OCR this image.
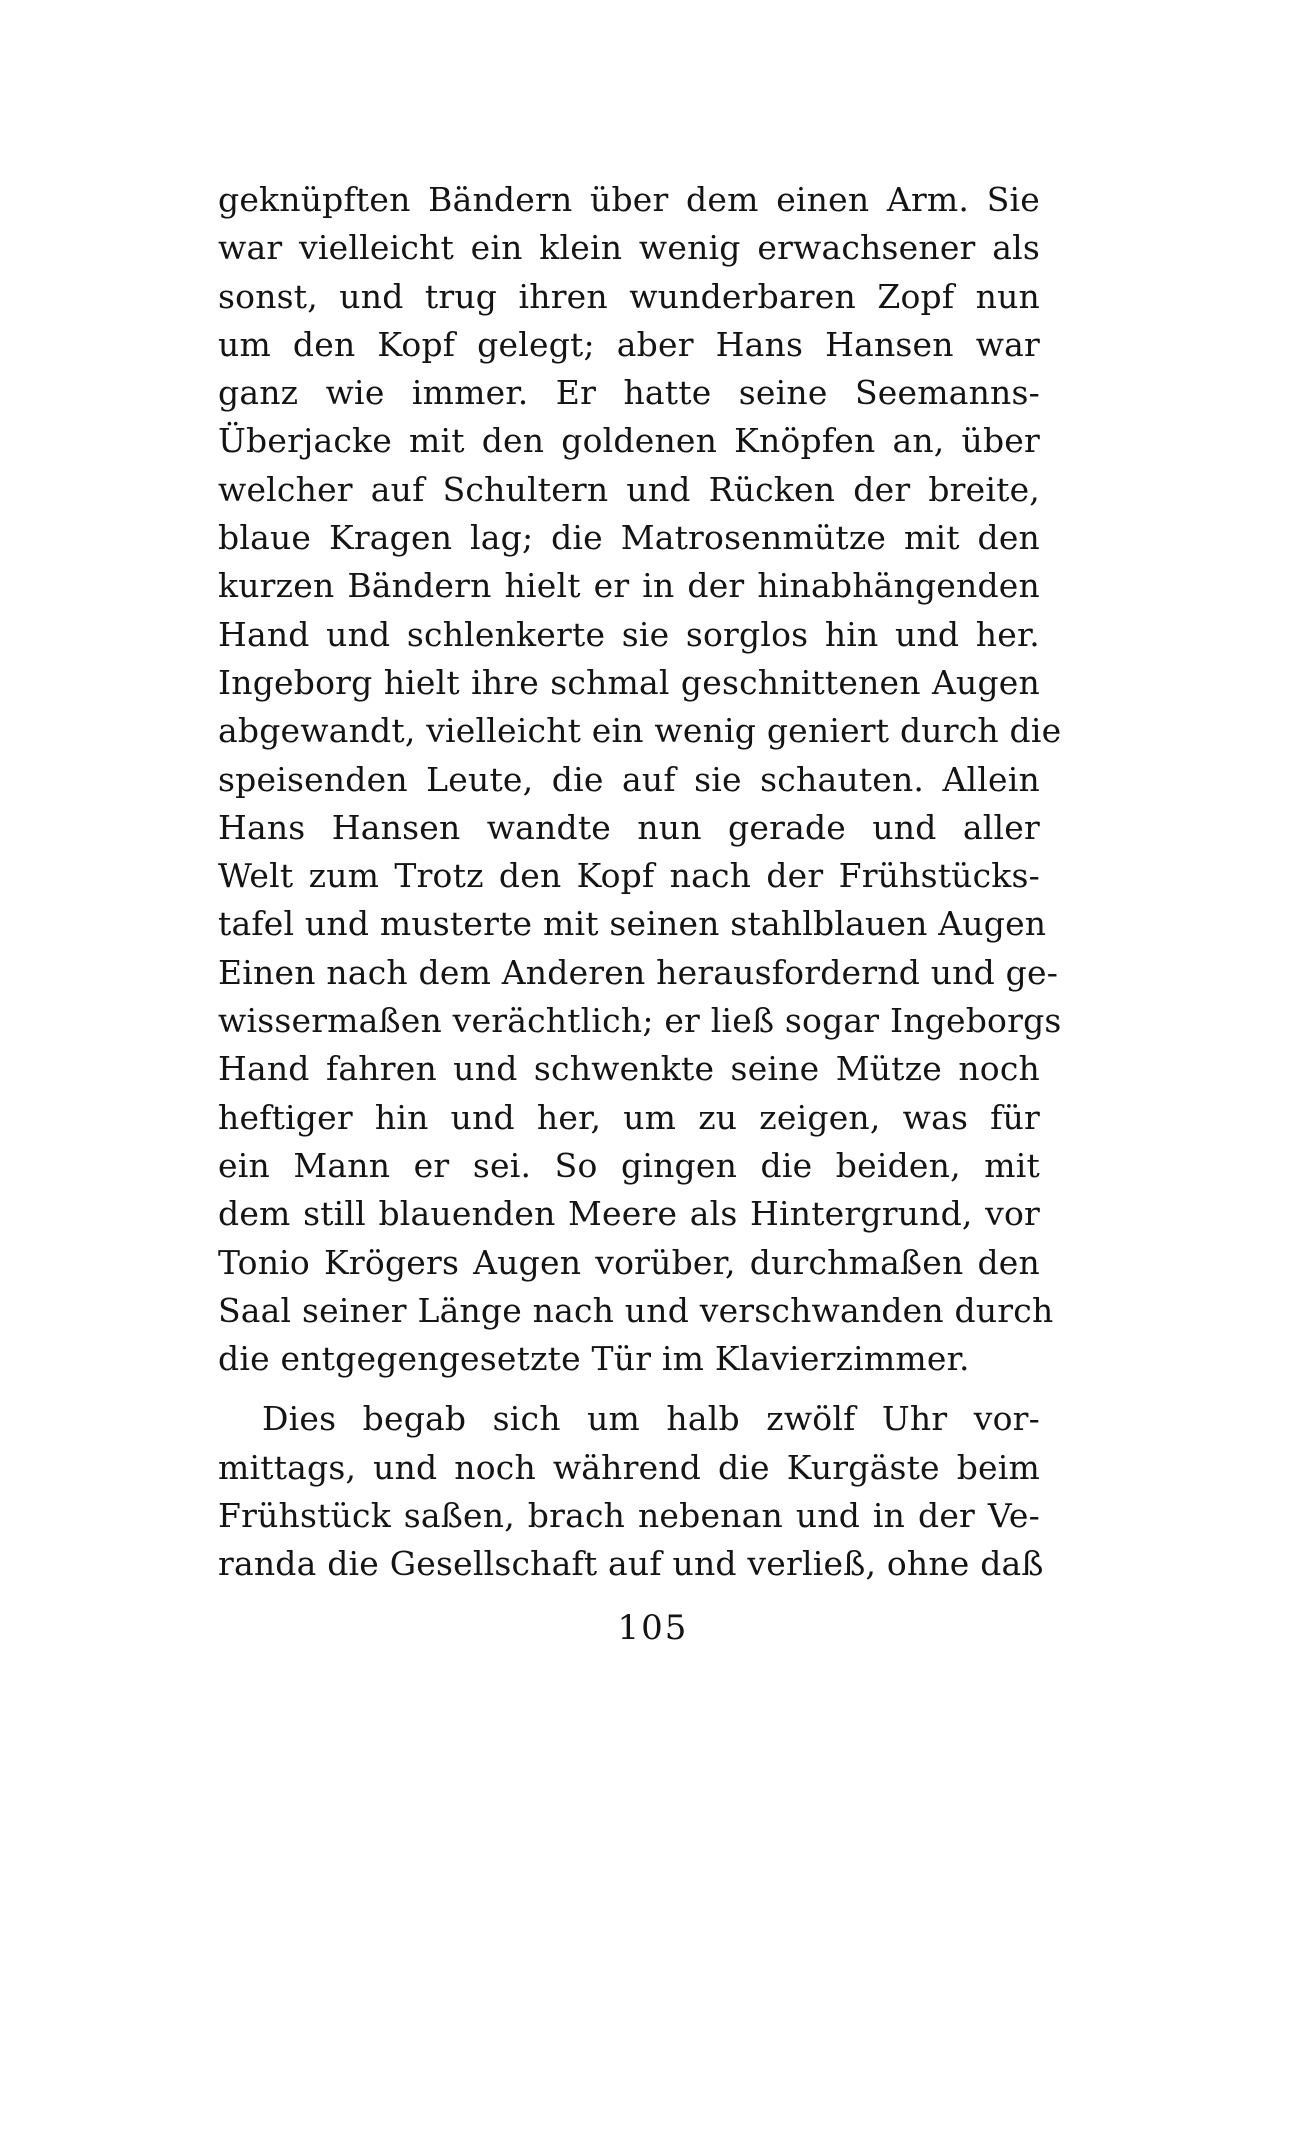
geknüpften Bändern über dem einen Arm. Sie
war vielleicht ein klein wenig erwachsener als
sonst, und trug ihren wunderbaren Zopf nun
um den Kopf gelegt; aber Hans Hansen war
ganz wie immer. Er hatte seine Seemanns-
Überjacke mit den goldenen Knöpfen an, über
welcher auf Schultern und Rücken der breite,
blaue Kragen lag; die Matrosenmütze mit den
kurzen Bändern hielt er in der hinabhängenden
Hand und schlenkerte sie sorglos hin und her.
Ingeborg hielt ihre schmal geschnittenen Augen
abgewandt, vielleicht ein wenig geniert durch die
speisenden Leute, die auf sie schauten. Allein
Hans Hansen wandte nun gerade und aller
Welt zum Trotz den Kopf nach der Frühstücks-
tafel und musterte mit seinen stahlblauen Augen
Einen nach dem Anderen herausfordernd und ge-
wissermaßen verächtlich; er ließ sogar Ingeborgs
Hand fahren und schwenkte seine Mütze noch
heftiger hin und her, um zu zeigen, was für
ein Mann er sei. So gingen die beiden, mit
dem still blauenden Meere als Hintergrund, vor
Tonio Krögers Augen vorüber, durchmaßen den
Saal seiner Länge nach und verschwanden durch
die entgegengesetzte Tür im Klavierzimmer.
Dies begab sich um halb zwölf Uhr vor-
mittags, und noch während die Kurgäste beim
Frühstück saßen, brach nebenan und in der Ve-
randa die Gesellschaft auf und verließ, ohne daß
105
